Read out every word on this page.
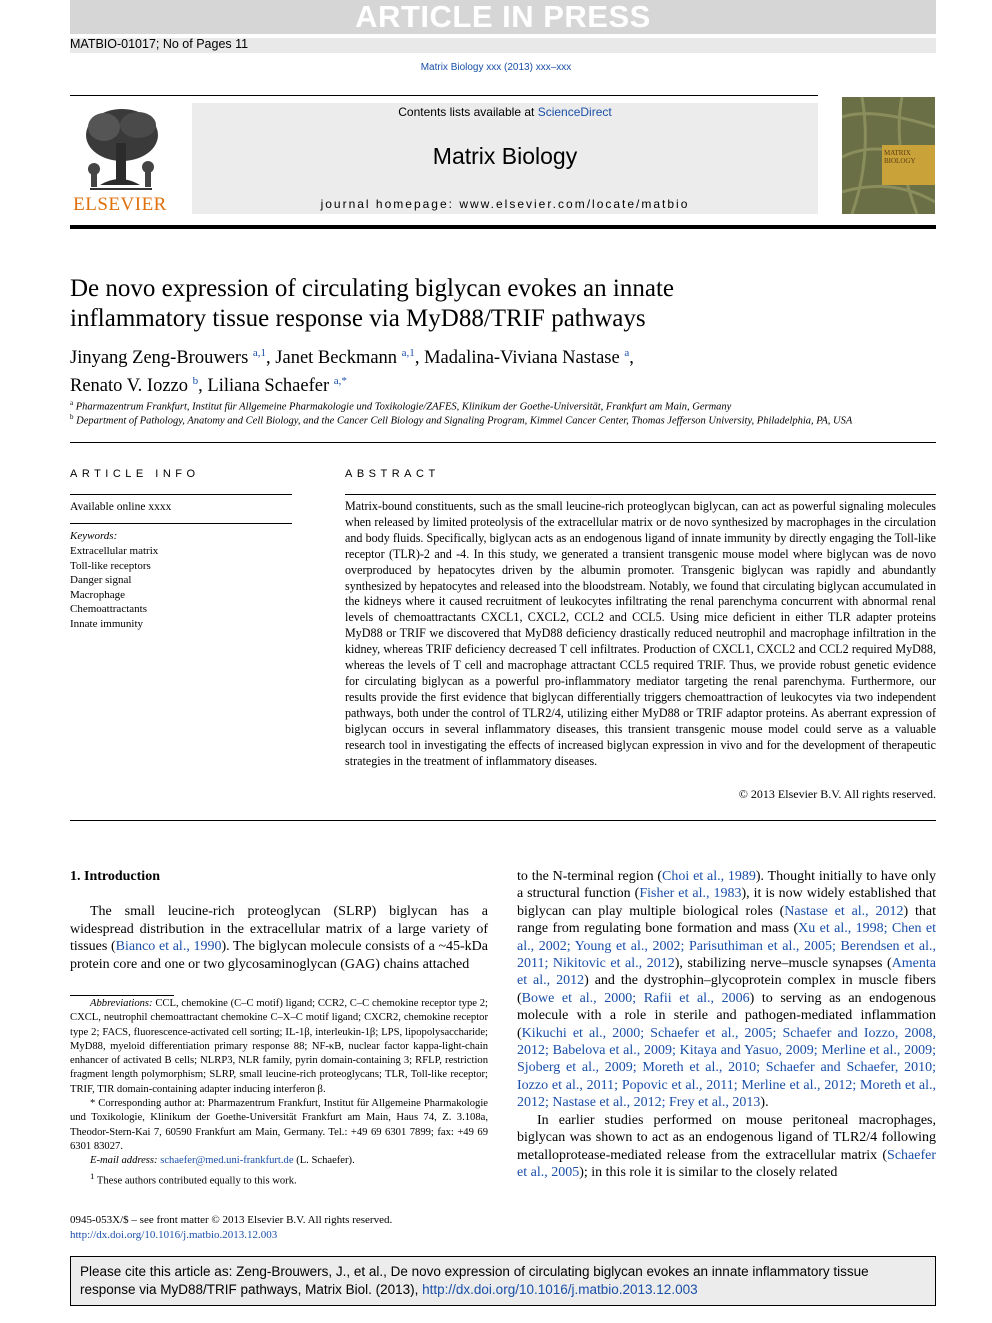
ARTICLE IN PRESS
MATBIO-01017; No of Pages 11
Matrix Biology xxx (2013) xxx–xxx
ELSEVIER
Contents lists available at ScienceDirect
Matrix Biology
journal homepage: www.elsevier.com/locate/matbio
MATRIX BIOLOGY
De novo expression of circulating biglycan evokes an innate
inflammatory tissue response via MyD88/TRIF pathways
Jinyang Zeng-Brouwers $^{a,1}$, Janet Beckmann $^{a,1}$, Madalina-Viviana Nastase $^a$,
Renato V. Iozzo $^b$, Liliana Schaefer $^{a,*}$
$^a$ Pharmazentrum Frankfurt, Institut für Allgemeine Pharmakologie und Toxikologie/ZAFES, Klinikum der Goethe-Universität, Frankfurt am Main, Germany
$^b$ Department of Pathology, Anatomy and Cell Biology, and the Cancer Cell Biology and Signaling Program, Kimmel Cancer Center, Thomas Jefferson University, Philadelphia, PA, USA
ARTICLE INFO
Available online xxxx
Keywords:
Extracellular matrix
Toll-like receptors
Danger signal
Macrophage
Chemoattractants
Innate immunity
ABSTRACT
Matrix-bound constituents, such as the small leucine-rich proteoglycan biglycan, can act as powerful signaling molecules when released by limited proteolysis of the extracellular matrix or de novo synthesized by macrophages in the circulation and body fluids. Specifically, biglycan acts as an endogenous ligand of innate immunity by directly engaging the Toll-like receptor (TLR)-2 and -4. In this study, we generated a transient transgenic mouse model where biglycan was de novo overproduced by hepatocytes driven by the albumin promoter. Transgenic biglycan was rapidly and abundantly synthesized by hepatocytes and released into the bloodstream. Notably, we found that circulating biglycan accumulated in the kidneys where it caused recruitment of leukocytes infiltrating the renal parenchyma concurrent with abnormal renal levels of chemoattractants CXCL1, CXCL2, CCL2 and CCL5. Using mice deficient in either TLR adapter proteins MyD88 or TRIF we discovered that MyD88 deficiency drastically reduced neutrophil and macrophage infiltration in the kidney, whereas TRIF deficiency decreased T cell infiltrates. Production of CXCL1, CXCL2 and CCL2 required MyD88, whereas the levels of T cell and macrophage attractant CCL5 required TRIF. Thus, we provide robust genetic evidence for circulating biglycan as a powerful pro-inflammatory mediator targeting the renal parenchyma. Furthermore, our results provide the first evidence that biglycan differentially triggers chemoattraction of leukocytes via two independent pathways, both under the control of TLR2/4, utilizing either MyD88 or TRIF adaptor proteins. As aberrant expression of biglycan occurs in several inflammatory diseases, this transient transgenic mouse model could serve as a valuable research tool in investigating the effects of increased biglycan expression in vivo and for the development of therapeutic strategies in the treatment of inflammatory diseases.
© 2013 Elsevier B.V. All rights reserved.
1. Introduction

The small leucine-rich proteoglycan (SLRP) biglycan has a widespread distribution in the extracellular matrix of a large variety of tissues (Bianco et al., 1990). The biglycan molecule consists of a ~45-kDa protein core and one or two glycosaminoglycan (GAG) chains attached

Abbreviations: CCL, chemokine (C–C motif) ligand; CCR2, C–C chemokine receptor type 2; CXCL, neutrophil chemoattractant chemokine C–X–C motif ligand; CXCR2, chemokine receptor type 2; FACS, fluorescence-activated cell sorting; IL-1β, interleukin-1β; LPS, lipopolysaccharide; MyD88, myeloid differentiation primary response 88; NF-κB, nuclear factor kappa-light-chain enhancer of activated B cells; NLRP3, NLR family, pyrin domain-containing 3; RFLP, restriction fragment length polymorphism; SLRP, small leucine-rich proteoglycans; TLR, Toll-like receptor; TRIF, TIR domain-containing adapter inducing interferon β.

* Corresponding author at: Pharmazentrum Frankfurt, Institut für Allgemeine Pharmakologie und Toxikologie, Klinikum der Goethe-Universität Frankfurt am Main, Haus 74, Z. 3.108a, Theodor-Stern-Kai 7, 60590 Frankfurt am Main, Germany. Tel.: +49 69 6301 7899; fax: +49 69 6301 83027.

E-mail address: schaefer@med.uni-frankfurt.de (L. Schaefer).

$^1$ These authors contributed equally to this work.

to the N-terminal region (Choi et al., 1989). Thought initially to have only a structural function (Fisher et al., 1983), it is now widely established that biglycan can play multiple biological roles (Nastase et al., 2012) that range from regulating bone formation and mass (Xu et al., 1998; Chen et al., 2002; Young et al., 2002; Parisuthiman et al., 2005; Berendsen et al., 2011; Nikitovic et al., 2012), stabilizing nerve–muscle synapses (Amenta et al., 2012) and the dystrophin–glycoprotein complex in muscle fibers (Bowe et al., 2000; Rafii et al., 2006) to serving as an endogenous molecule with a role in sterile and pathogen-mediated inflammation (Kikuchi et al., 2000; Schaefer et al., 2005; Schaefer and Iozzo, 2008, 2012; Babelova et al., 2009; Kitaya and Yasuo, 2009; Merline et al., 2009; Sjoberg et al., 2009; Moreth et al., 2010; Schaefer and Schaefer, 2010; Iozzo et al., 2011; Popovic et al., 2011; Merline et al., 2012; Moreth et al., 2012; Nastase et al., 2012; Frey et al., 2013).

In earlier studies performed on mouse peritoneal macrophages, biglycan was shown to act as an endogenous ligand of TLR2/4 following metalloprotease-mediated release from the extracellular matrix (Schaefer et al., 2005); in this role it is similar to the closely related

0945-053X/$ – see front matter © 2013 Elsevier B.V. All rights reserved.
http://dx.doi.org/10.1016/j.matbio.2013.12.003
Please cite this article as: Zeng-Brouwers, J., et al., De novo expression of circulating biglycan evokes an innate inflammatory tissue response via MyD88/TRIF pathways, Matrix Biol. (2013), http://dx.doi.org/10.1016/j.matbio.2013.12.003
